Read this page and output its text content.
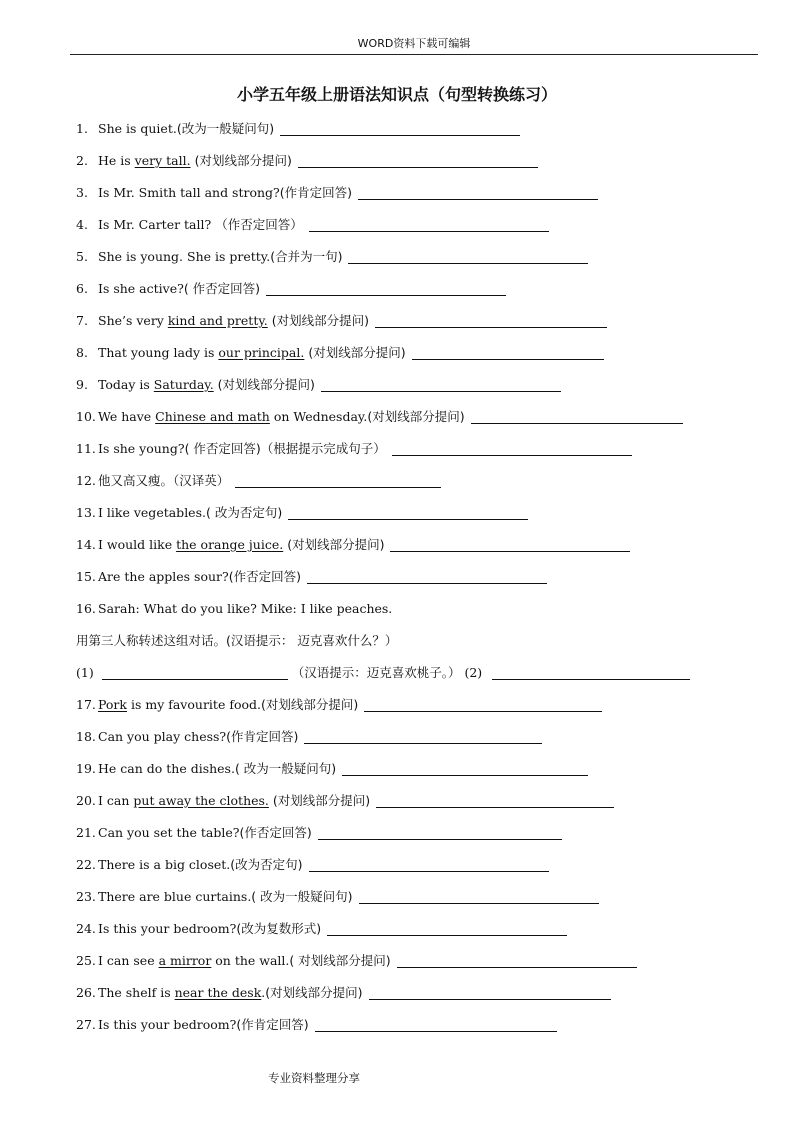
WORD资料下载可编辑
小学五年级上册语法知识点（句型转换练习）
1. She is quiet.(改为一般疑问句)
2. He is very tall. (对划线部分提问)
3. Is Mr. Smith tall and strong?(作肯定回答)
4. Is Mr. Carter tall? （作否定回答）
5. She is young. She is pretty.(合并为一句)
6. Is she active?( 作否定回答)
7. She’s very kind and pretty. (对划线部分提问)
8. That young lady is our principal. (对划线部分提问)
9. Today is Saturday. (对划线部分提问)
10. We have Chinese and math on Wednesday.(对划线部分提问)
11. Is she young?( 作否定回答)（根据提示完成句子）
12. 他又高又瘦。（汉译英）
13. I like vegetables.( 改为否定句)
14. I would like the orange juice. (对划线部分提问)
15. Are the apples sour?(作否定回答)
16. Sarah: What do you like? Mike: I like peaches.
用第三人称转述这组对话。(汉语提示： 迈克喜欢什么？）
(1)	（汉语提示：迈克喜欢桃子。） (2)
17. Pork is my favourite food.(对划线部分提问)
18. Can you play chess?(作肯定回答)
19. He can do the dishes.( 改为一般疑问句)
20. I can put away the clothes. (对划线部分提问)
21. Can you set the table?(作否定回答)
22. There is a big closet.(改为否定句)
23. There are blue curtains.( 改为一般疑问句)
24. Is this your bedroom?(改为复数形式)
25. I can see a mirror on the wall.( 对划线部分提问)
26. The shelf is near the desk.(对划线部分提问)
27. Is this your bedroom?(作肯定回答)
专业资料整理分享
